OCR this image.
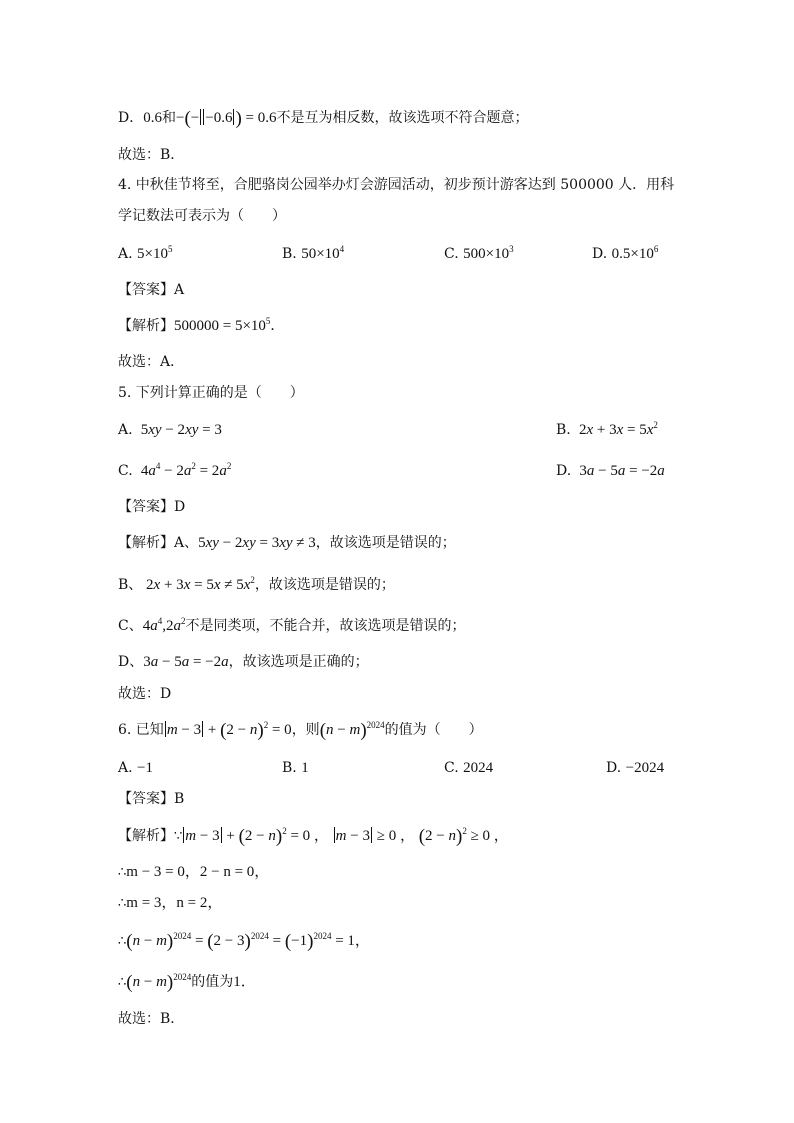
D．0.6和−(− −0.6 ) = 0.6不是互为相反数，故该选项不符合题意；
故选：B．
4. 中秋佳节将至，合肥骆岗公园举办灯会游园活动，初步预计游客达到 500000 人．用科
学记数法可表示为（　　）
A. $5\times 10^5$	B. $50\times 10^4$	C. $500\times 10^3$	D. $0.5\times 10^6$
【答案】A
【解析】$500000 = 5\times 10^5$．
故选：A．
5. 下列计算正确的是（　　）
A.  5xy − 2xy = 3	B.  $2x + 3x = 5x^2$
C.  $4a^4 - 2a^2 = 2a^2$	D.  3a − 5a = −2a
【答案】D
【解析】A、5xy − 2xy = 3xy ≠ 3，故该选项是错误的；
B、 $2x + 3x = 5x \ne 5x^2$，故该选项是错误的；
C、$4a^4,2a^2$不是同类项，不能合并，故该选项是错误的；
D、3a − 5a = −2a，故该选项是正确的；
故选：D
6. 已知 $m - 3 + (2 - n)^2 = 0$，则$(n - m)^{2024}$的值为（　　）
A. −1	B. 1	C. 2024	D. −2024
【答案】B
【解析】∵ $m - 3 + (2 - n)^2 = 0$ ， m − 3 ≥ 0 ， $(2 - n)^2 \ge 0$ ，
∴m − 3 = 0，2 − n = 0，
∴m = 3，n = 2，
∴(n − $m)^{2024} = (2 - 3)^{2024} = (-1)^{2024} = 1$，
∴(n − m)$^{2024}$的值为1．
故选：B．
